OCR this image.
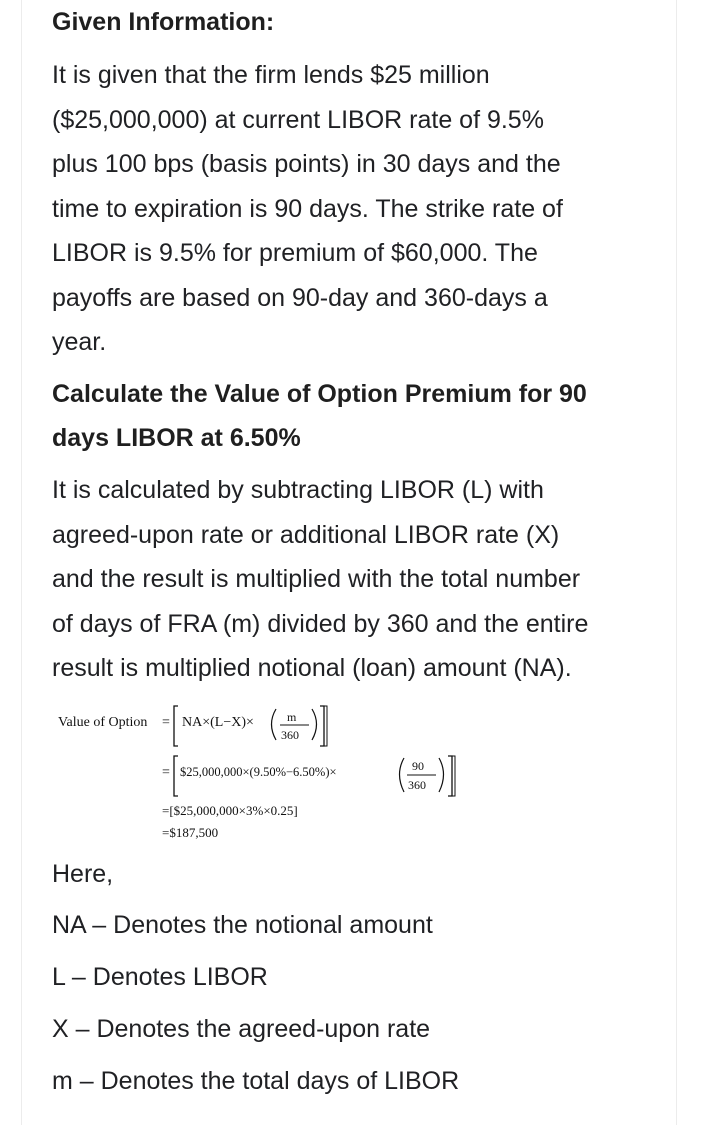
Given Information:
It is given that the firm lends $25 million
($25,000,000) at current LIBOR rate of 9.5%
plus 100 bps (basis points) in 30 days and the
time to expiration is 90 days. The strike rate of
LIBOR is 9.5% for premium of $60,000. The
payoffs are based on 90-day and 360-days a
year.
Calculate the Value of Option Premium for 90
days LIBOR at 6.50%
It is calculated by subtracting LIBOR (L) with
agreed-upon rate or additional LIBOR rate (X)
and the result is multiplied with the total number
of days of FRA (m) divided by 360 and the entire
result is multiplied notional (loan) amount (NA).
Here,
NA – Denotes the notional amount
L – Denotes LIBOR
X – Denotes the agreed-upon rate
m – Denotes the total days of LIBOR
Value of Option = NA×(L−X)×	m
360
= $25,000,000×(9.50%−6.50%)×	90
360
=[$25,000,000×3%×0.25]
=$187,500
